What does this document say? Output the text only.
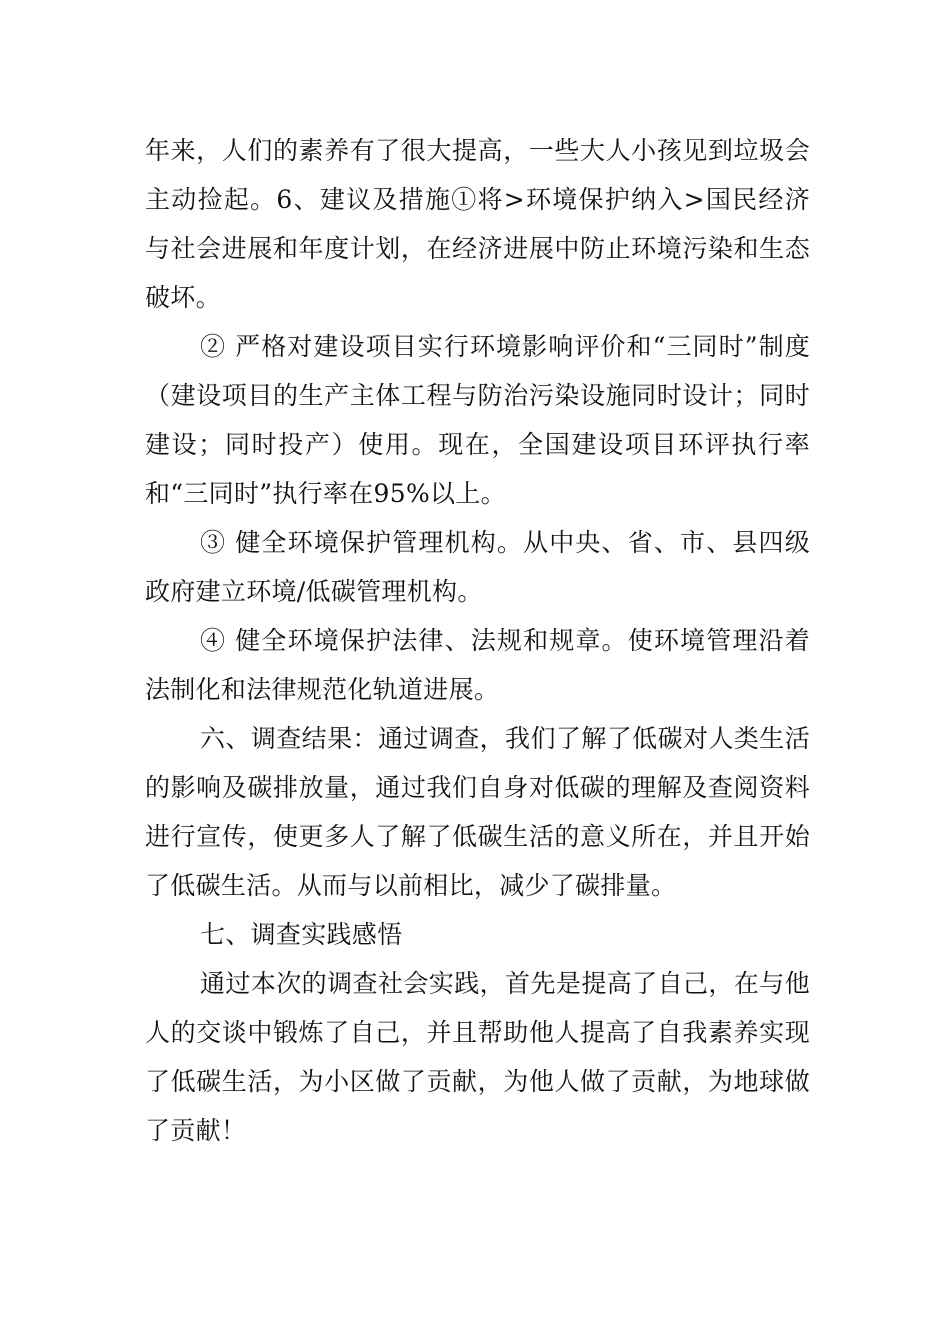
年来，人们的素养有了很大提高，一些大人小孩见到垃圾会主动捡起。6、建议及措施①将>环境保护纳入>国民经济与社会进展和年度计划，在经济进展中防止环境污染和生态破坏。

② 严格对建设项目实行环境影响评价和“三同时”制度（建设项目的生产主体工程与防治污染设施同时设计；同时建设；同时投产）使用。现在，全国建设项目环评执行率和“三同时”执行率在95%以上。

③ 健全环境保护管理机构。从中央、省、市、县四级政府建立环境/低碳管理机构。

④ 健全环境保护法律、法规和规章。使环境管理沿着法制化和法律规范化轨道进展。

六、调查结果：通过调查，我们了解了低碳对人类生活的影响及碳排放量，通过我们自身对低碳的理解及查阅资料进行宣传，使更多人了解了低碳生活的意义所在，并且开始了低碳生活。从而与以前相比，减少了碳排量。

七、调查实践感悟

通过本次的调查社会实践，首先是提高了自己，在与他人的交谈中锻炼了自己，并且帮助他人提高了自我素养实现了低碳生活，为小区做了贡献，为他人做了贡献，为地球做了贡献！
